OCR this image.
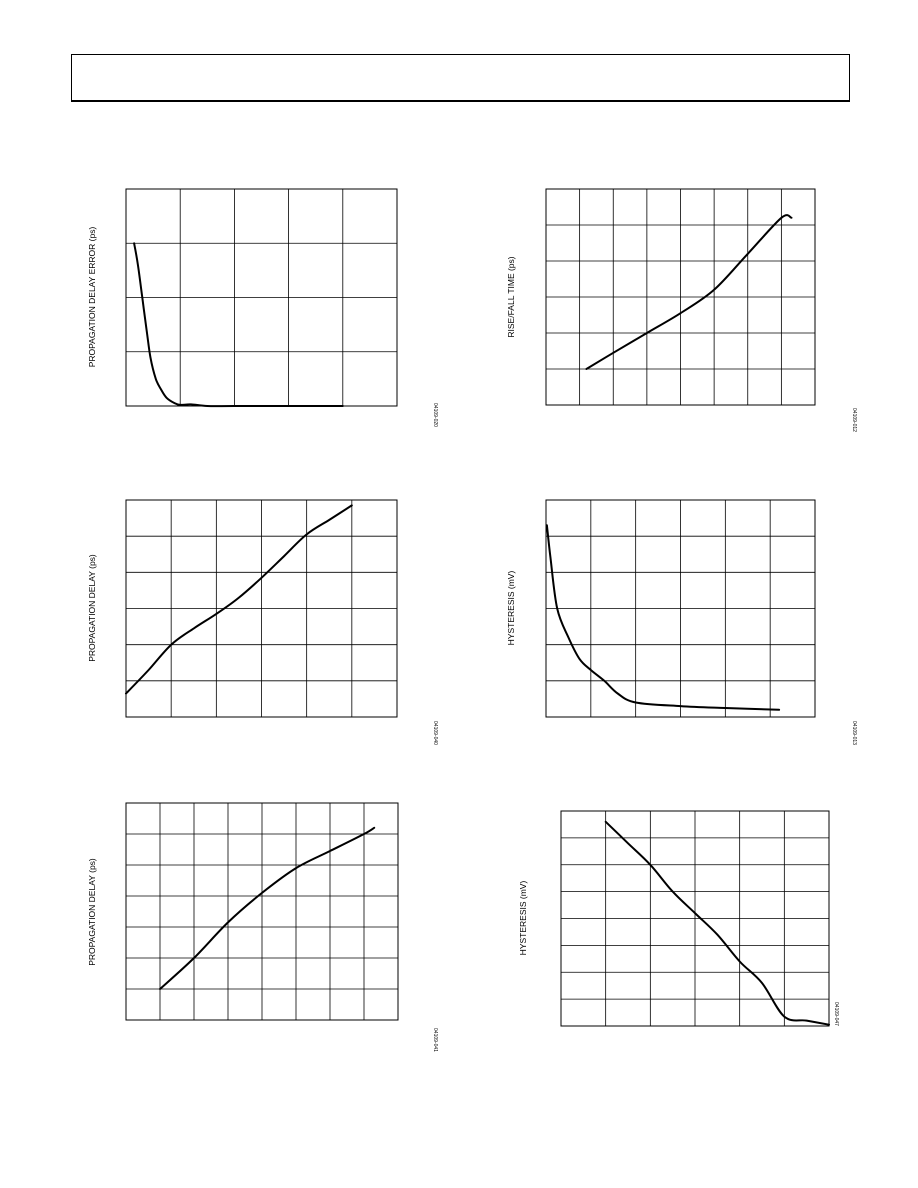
PROPAGATION DELAY ERROR (ps)
04109-020
RISE/FALL TIME (ps)
04109-012
PROPAGATION DELAY (ps)
04109-040
HYSTERESIS (mV)
04109-013
PROPAGATION DELAY (ps)
04109-041
HYSTERESIS (mV)
04109-047
